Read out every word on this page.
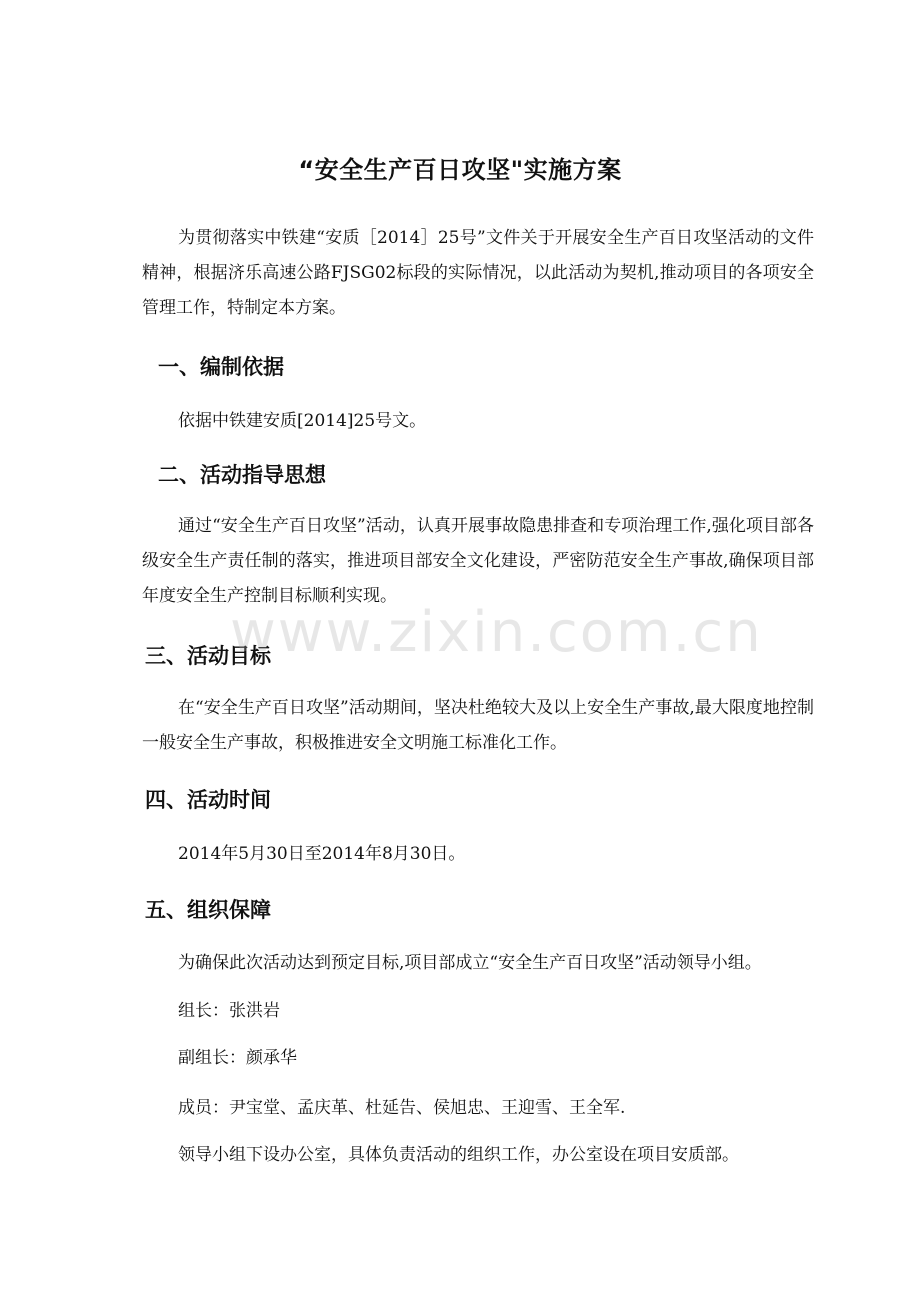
“安全生产百日攻坚"实施方案
为贯彻落实中铁建“安质［2014］25号”文件关于开展安全生产百日攻坚活动的文件精神，根据济乐高速公路FJSG02标段的实际情况，以此活动为契机,推动项目的各项安全管理工作，特制定本方案。
一、编制依据
依据中铁建安质[2014]25号文。
二、活动指导思想
通过“安全生产百日攻坚”活动，认真开展事故隐患排查和专项治理工作,强化项目部各级安全生产责任制的落实，推进项目部安全文化建设，严密防范安全生产事故,确保项目部年度安全生产控制目标顺利实现。
三、活动目标
在“安全生产百日攻坚”活动期间，坚决杜绝较大及以上安全生产事故,最大限度地控制一般安全生产事故，积极推进安全文明施工标准化工作。
四、活动时间
2014年5月30日至2014年8月30日。
五、组织保障
为确保此次活动达到预定目标,项目部成立“安全生产百日攻坚”活动领导小组。
组长：张洪岩
副组长：颜承华
成员：尹宝堂、孟庆革、杜延告、侯旭忠、王迎雪、王全军.
领导小组下设办公室，具体负责活动的组织工作，办公室设在项目安质部。
www.zixin.com.cn
